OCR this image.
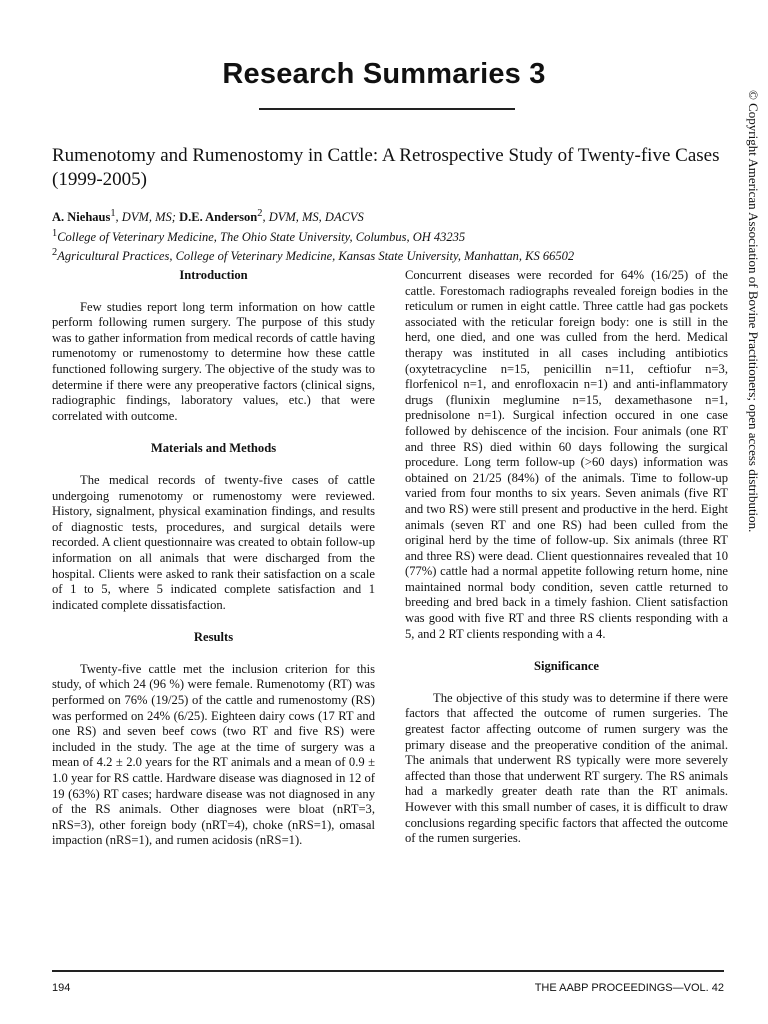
Research Summaries 3
Rumenotomy and Rumenostomy in Cattle: A Retrospective Study of Twenty-five Cases (1999-2005)
A. Niehaus$^1$, DVM, MS; D.E. Anderson$^2$, DVM, MS, DACVS
$^1$College of Veterinary Medicine, The Ohio State University, Columbus, OH 43235
$^2$Agricultural Practices, College of Veterinary Medicine, Kansas State University, Manhattan, KS 66502
Introduction

Few studies report long term information on how cattle perform following rumen surgery. The purpose of this study was to gather information from medical records of cattle having rumenotomy or rumenostomy to determine how these cattle functioned following surgery. The objective of the study was to determine if there were any preoperative factors (clinical signs, radiographic findings, laboratory values, etc.) that were correlated with outcome.

Materials and Methods

The medical records of twenty-five cases of cattle undergoing rumenotomy or rumenostomy were reviewed. History, signalment, physical examination findings, and results of diagnostic tests, procedures, and surgical details were recorded. A client questionnaire was created to obtain follow-up information on all animals that were discharged from the hospital. Clients were asked to rank their satisfaction on a scale of 1 to 5, where 5 indicated complete satisfaction and 1 indicated complete dissatisfaction.

Results

Twenty-five cattle met the inclusion criterion for this study, of which 24 (96 %) were female. Rumenotomy (RT) was performed on 76% (19/25) of the cattle and rumenostomy (RS) was performed on 24% (6/25). Eighteen dairy cows (17 RT and one RS) and seven beef cows (two RT and five RS) were included in the study. The age at the time of surgery was a mean of 4.2 ± 2.0 years for the RT animals and a mean of 0.9 ± 1.0 year for RS cattle. Hardware disease was diagnosed in 12 of 19 (63%) RT cases; hardware disease was not diagnosed in any of the RS animals. Other diagnoses were bloat (nRT=3, nRS=3), other foreign body (nRT=4), choke (nRS=1), omasal impaction (nRS=1), and rumen acidosis (nRS=1).

Concurrent diseases were recorded for 64% (16/25) of the cattle. Forestomach radiographs revealed foreign bodies in the reticulum or rumen in eight cattle. Three cattle had gas pockets associated with the reticular foreign body: one is still in the herd, one died, and one was culled from the herd. Medical therapy was instituted in all cases including antibiotics (oxytetracycline n=15, penicillin n=11, ceftiofur n=3, florfenicol n=1, and enrofloxacin n=1) and anti-inflammatory drugs (flunixin meglumine n=15, dexamethasone n=1, prednisolone n=1). Surgical infection occured in one case followed by dehiscence of the incision. Four animals (one RT and three RS) died within 60 days following the surgical procedure. Long term follow-up (>60 days) information was obtained on 21/25 (84%) of the animals. Time to follow-up varied from four months to six years. Seven animals (five RT and two RS) were still present and productive in the herd. Eight animals (seven RT and one RS) had been culled from the original herd by the time of follow-up. Six animals (three RT and three RS) were dead. Client questionnaires revealed that 10 (77%) cattle had a normal appetite following return home, nine maintained normal body condition, seven cattle returned to breeding and bred back in a timely fashion. Client satisfaction was good with five RT and three RS clients responding with a 5, and 2 RT clients responding with a 4.

Significance

The objective of this study was to determine if there were factors that affected the outcome of rumen surgeries. The greatest factor affecting outcome of rumen surgery was the primary disease and the preoperative condition of the animal. The animals that underwent RS typically were more severely affected than those that underwent RT surgery. The RS animals had a markedly greater death rate than the RT animals. However with this small number of cases, it is difficult to draw conclusions regarding specific factors that affected the outcome of the rumen surgeries.

© Copyright American Association of Bovine Practitioners; open access distribution.
194	THE AABP PROCEEDINGS—VOL. 42
